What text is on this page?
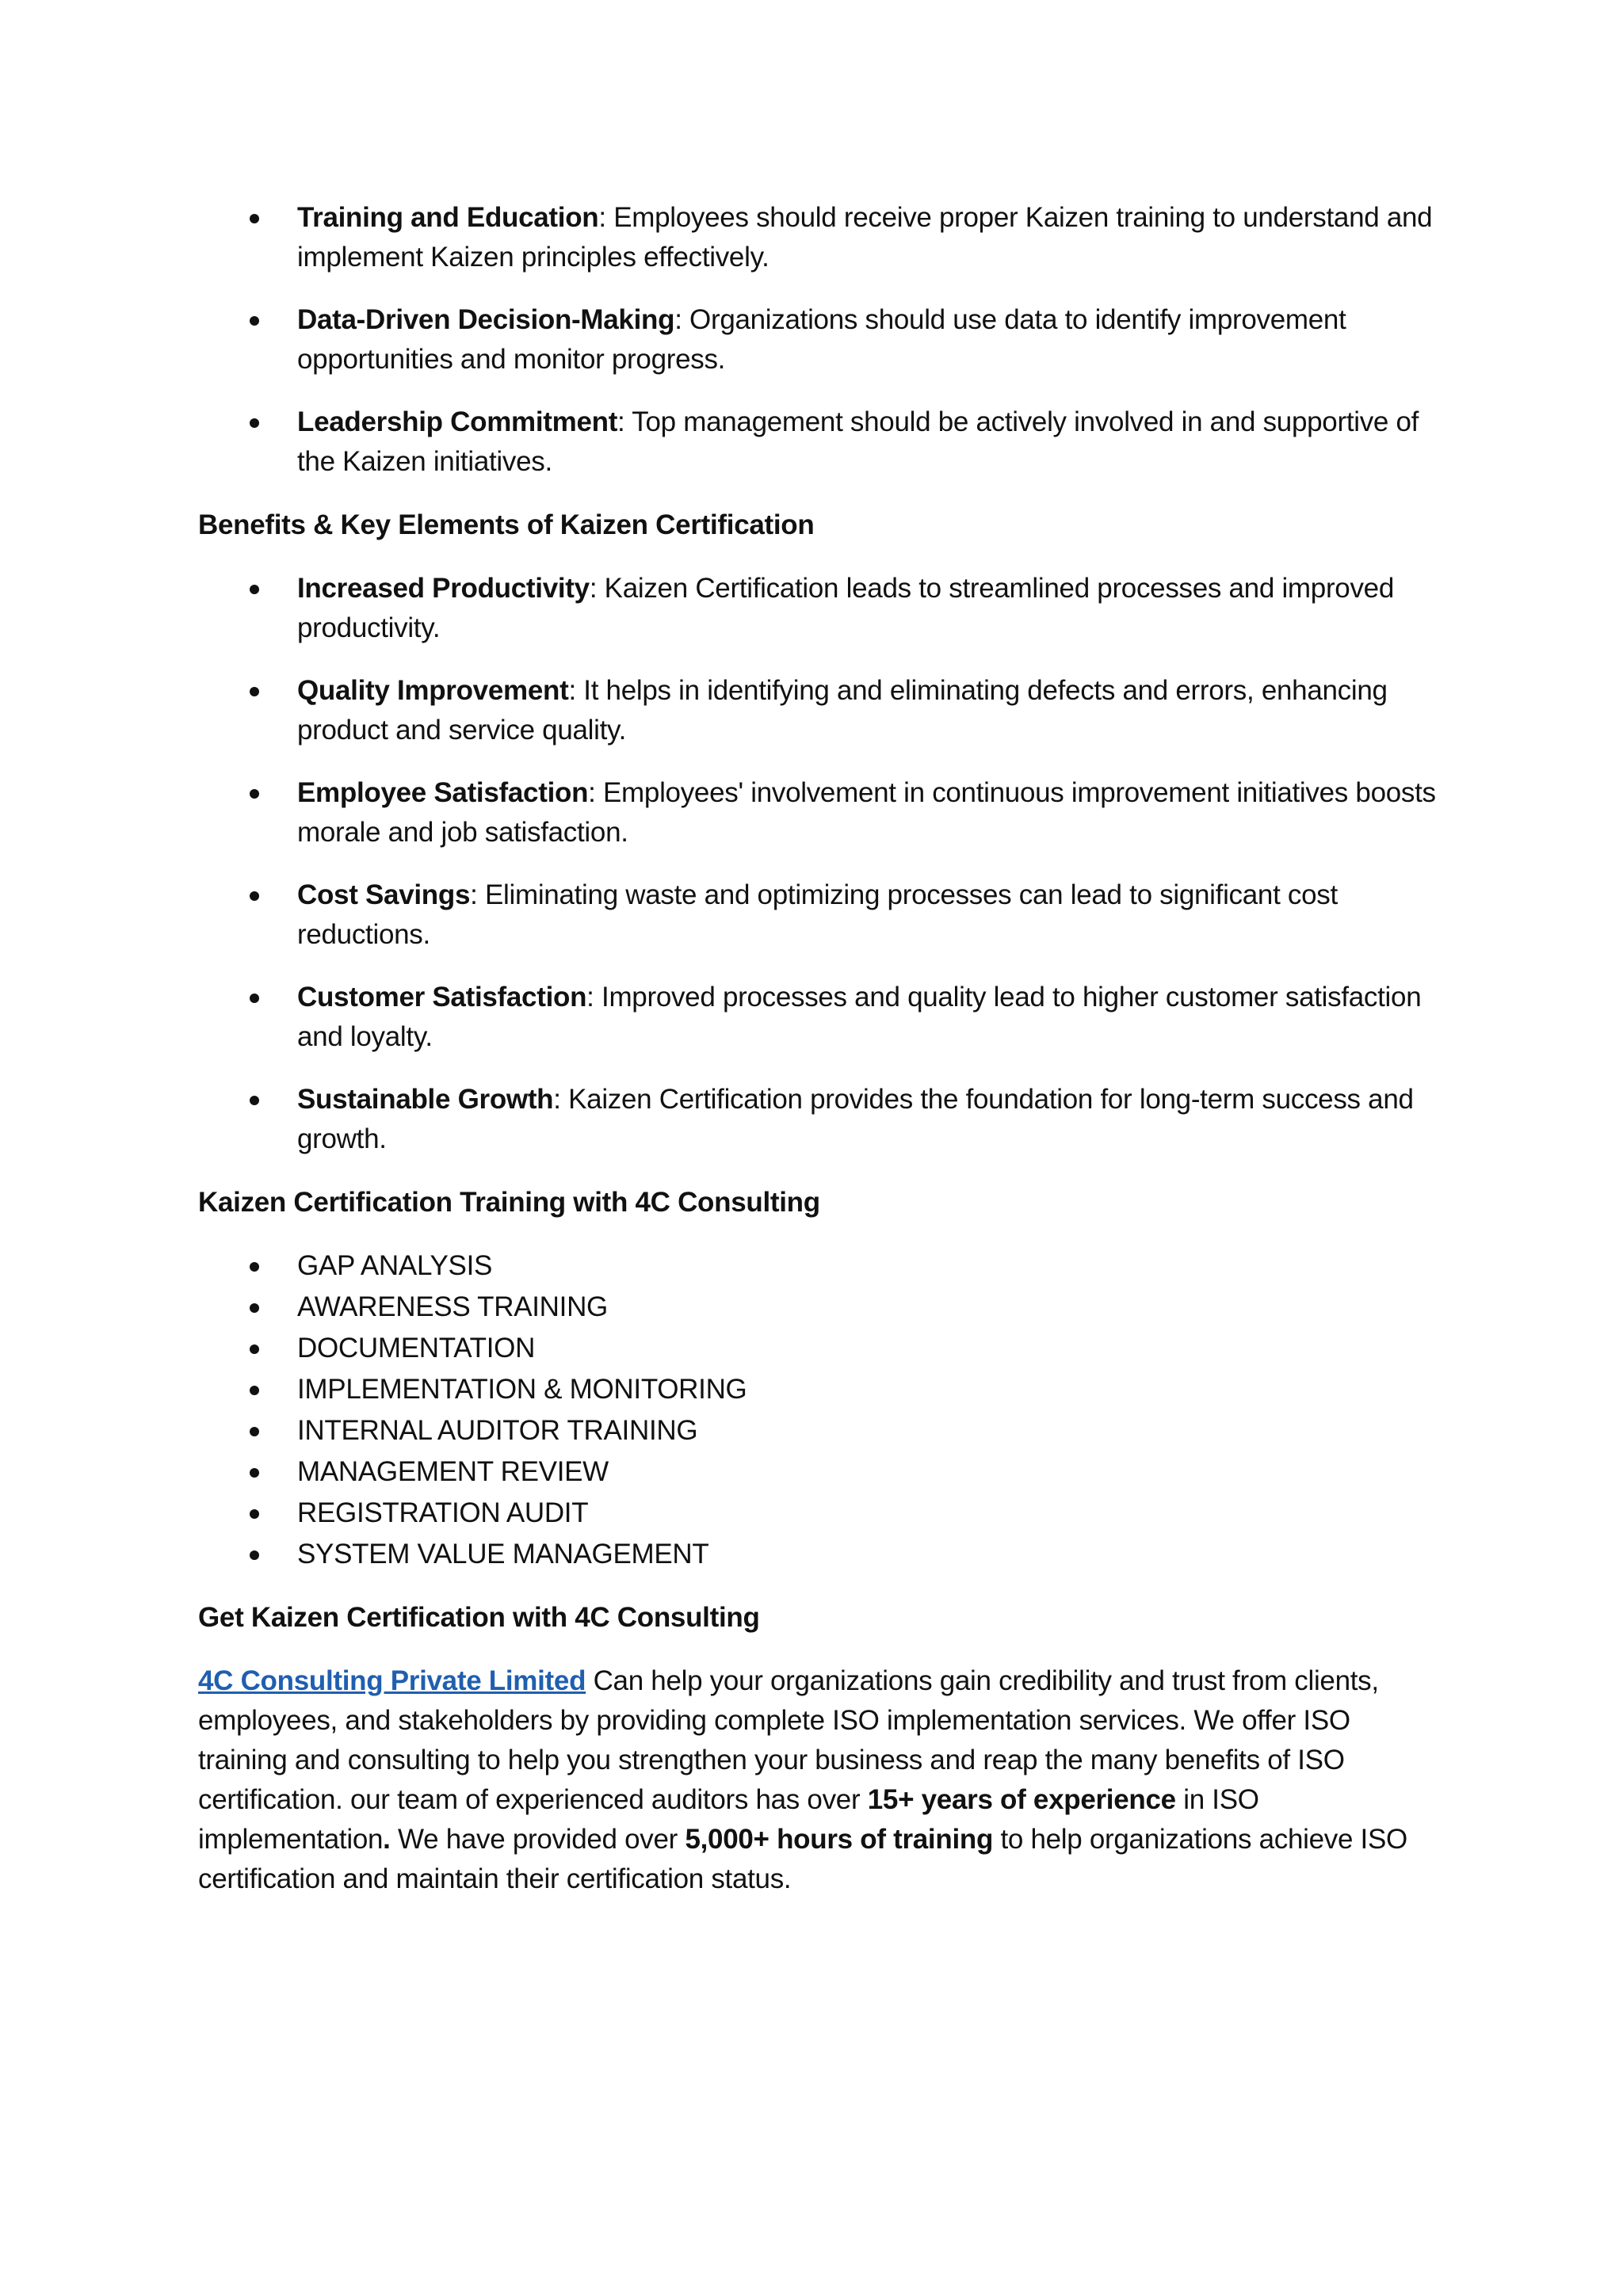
Training and Education: Employees should receive proper Kaizen training to understand and implement Kaizen principles effectively.
Data-Driven Decision-Making: Organizations should use data to identify improvement opportunities and monitor progress.
Leadership Commitment: Top management should be actively involved in and supportive of the Kaizen initiatives.
Benefits & Key Elements of Kaizen Certification
Increased Productivity: Kaizen Certification leads to streamlined processes and improved productivity.
Quality Improvement: It helps in identifying and eliminating defects and errors, enhancing product and service quality.
Employee Satisfaction: Employees' involvement in continuous improvement initiatives boosts morale and job satisfaction.
Cost Savings: Eliminating waste and optimizing processes can lead to significant cost reductions.
Customer Satisfaction: Improved processes and quality lead to higher customer satisfaction and loyalty.
Sustainable Growth: Kaizen Certification provides the foundation for long-term success and growth.
Kaizen Certification Training with 4C Consulting
GAP ANALYSIS
AWARENESS TRAINING
DOCUMENTATION
IMPLEMENTATION & MONITORING
INTERNAL AUDITOR TRAINING
MANAGEMENT REVIEW
REGISTRATION AUDIT
SYSTEM VALUE MANAGEMENT
Get Kaizen Certification with 4C Consulting

4C Consulting Private Limited Can help your organizations gain credibility and trust from clients, employees, and stakeholders by providing complete ISO implementation services. We offer ISO training and consulting to help you strengthen your business and reap the many benefits of ISO certification. our team of experienced auditors has over 15+ years of experience in ISO implementation. We have provided over 5,000+ hours of training to help organizations achieve ISO certification and maintain their certification status.
